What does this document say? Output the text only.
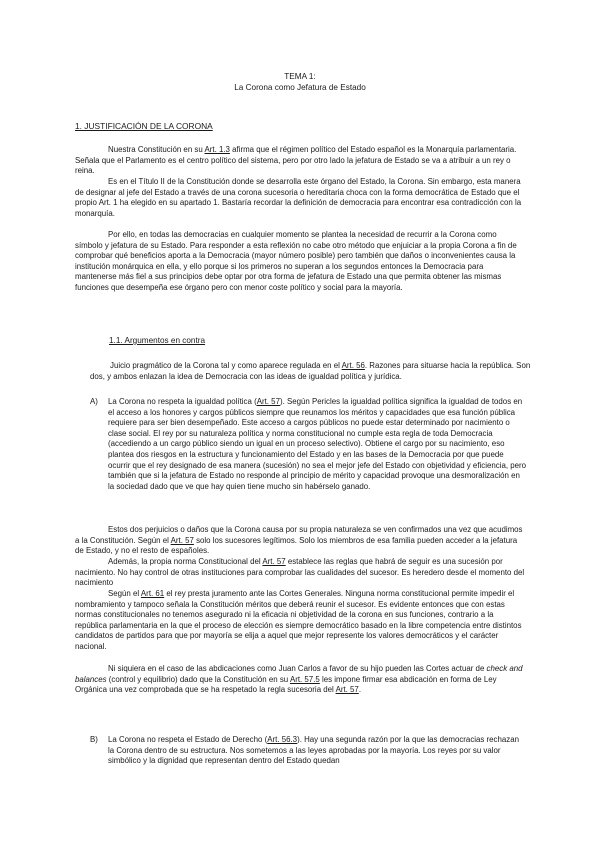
TEMA 1:
La Corona como Jefatura de Estado
1. JUSTIFICACIÓN DE LA CORONA

Nuestra Constitución en su Art. 1.3 afirma que el régimen político del Estado español es la Monarquía parlamentaria. Señala que el Parlamento es el centro político del sistema, pero por otro lado la jefatura de Estado se va a atribuir a un rey o reina.

Es en el Título II de la Constitución donde se desarrolla este órgano del Estado, la Corona. Sin embargo, esta manera de designar al jefe del Estado a través de una corona sucesoria o hereditaria choca con la forma democrática de Estado que el propio Art. 1 ha elegido en su apartado 1. Bastaría recordar la definición de democracia para encontrar esa contradicción con la monarquía.

Por ello, en todas las democracias en cualquier momento se plantea la necesidad de recurrir a la Corona como símbolo y jefatura de su Estado. Para responder a esta reflexión no cabe otro método que enjuiciar a la propia Corona a fin de comprobar qué beneficios aporta a la Democracia (mayor número posible) pero también que daños o inconvenientes causa la institución monárquica en ella, y ello porque si los primeros no superan a los segundos entonces la Democracia para mantenerse más fiel a sus principios debe optar por otra forma de jefatura de Estado una que permita obtener las mismas funciones que desempeña ese órgano pero con menor coste político y social para la mayoría.

1.1. Argumentos en contra

Juicio pragmático de la Corona tal y como aparece regulada en el Art. 56. Razones para situarse hacia la república. Son dos, y ambos enlazan la idea de Democracia con las ideas de igualdad política y jurídica.

A) La Corona no respeta la igualdad política (Art. 57). Según Pericles la igualdad política significa la igualdad de todos en el acceso a los honores y cargos públicos siempre que reunamos los méritos y capacidades que esa función pública requiere para ser bien desempeñado. Este acceso a cargos públicos no puede estar determinado por nacimiento o clase social. El rey por su naturaleza política y norma constitucional no cumple esta regla de toda Democracia (accediendo a un cargo público siendo un igual en un proceso selectivo). Obtiene el cargo por su nacimiento, eso plantea dos riesgos en la estructura y funcionamiento del Estado y en las bases de la Democracia por que puede ocurrir que el rey designado de esa manera (sucesión) no sea el mejor jefe del Estado con objetividad y eficiencia, pero también que si la jefatura de Estado no responde al principio de mérito y capacidad provoque una desmoralización en la sociedad dado que ve que hay quien tiene mucho sin habérselo ganado.

Estos dos perjuicios o daños que la Corona causa por su propia naturaleza se ven confirmados una vez que acudimos a la Constitución. Según el Art. 57 solo los sucesores legítimos. Solo los miembros de esa familia pueden acceder a la jefatura de Estado, y no el resto de españoles.

Además, la propia norma Constitucional del Art. 57 establece las reglas que habrá de seguir es una sucesión por nacimiento. No hay control de otras instituciones para comprobar las cualidades del sucesor. Es heredero desde el momento del nacimiento

Según el Art. 61 el rey presta juramento ante las Cortes Generales. Ninguna norma constitucional permite impedir el nombramiento y tampoco señala la Constitución méritos que deberá reunir el sucesor. Es evidente entonces que con estas normas constitucionales no tenemos asegurado ni la eficacia ni objetividad de la corona en sus funciones, contrario a la república parlamentaria en la que el proceso de elección es siempre democrático basado en la libre competencia entre distintos candidatos de partidos para que por mayoría se elija a aquel que mejor represente los valores democráticos y el carácter nacional.

Ni siquiera en el caso de las abdicaciones como Juan Carlos a favor de su hijo pueden las Cortes actuar de check and balances (control y equilibrio) dado que la Constitución en su Art. 57.5 les impone firmar esa abdicación en forma de Ley Orgánica una vez comprobada que se ha respetado la regla sucesoria del Art. 57.

B) La Corona no respeta el Estado de Derecho (Art. 56.3). Hay una segunda razón por la que las democracias rechazan la Corona dentro de su estructura. Nos sometemos a las leyes aprobadas por la mayoría. Los reyes por su valor simbólico y la dignidad que representan dentro del Estado quedan
